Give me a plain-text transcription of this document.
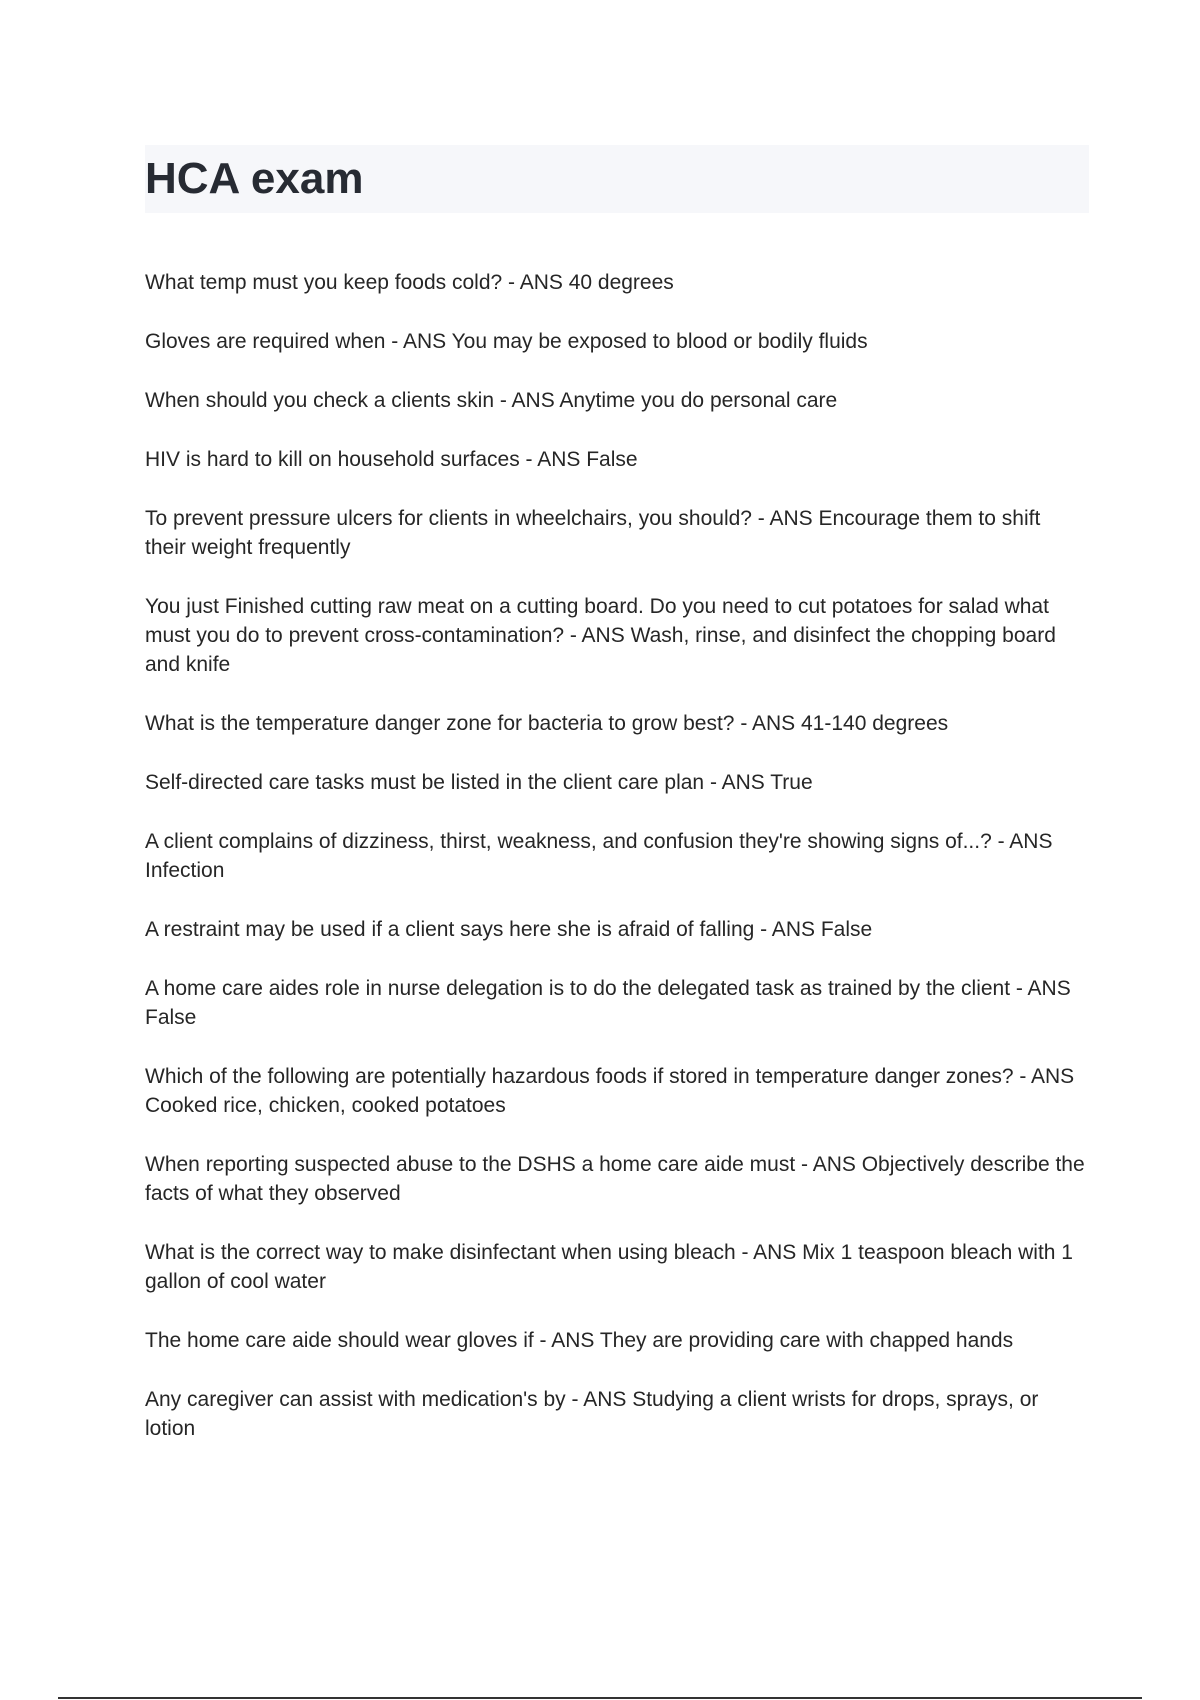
HCA exam
What temp must you keep foods cold? - ANS 40 degrees
Gloves are required when - ANS You may be exposed to blood or bodily fluids
When should you check a clients skin - ANS Anytime you do personal care
HIV is hard to kill on household surfaces - ANS False
To prevent pressure ulcers for clients in wheelchairs, you should? - ANS Encourage them to shift their weight frequently
You just Finished cutting raw meat on a cutting board. Do you need to cut potatoes for salad what must you do to prevent cross-contamination? - ANS Wash, rinse, and disinfect the chopping board and knife
What is the temperature danger zone for bacteria to grow best? - ANS 41-140 degrees
Self-directed care tasks must be listed in the client care plan - ANS True
A client complains of dizziness, thirst, weakness, and confusion they're showing signs of...? - ANS Infection
A restraint may be used if a client says here she is afraid of falling - ANS False
A home care aides role in nurse delegation is to do the delegated task as trained by the client - ANS False
Which of the following are potentially hazardous foods if stored in temperature danger zones? - ANS Cooked rice, chicken, cooked potatoes
When reporting suspected abuse to the DSHS a home care aide must - ANS Objectively describe the facts of what they observed
What is the correct way to make disinfectant when using bleach - ANS Mix 1 teaspoon bleach with 1 gallon of cool water
The home care aide should wear gloves if - ANS They are providing care with chapped hands
Any caregiver can assist with medication's by - ANS Studying a client wrists for drops, sprays, or lotion
